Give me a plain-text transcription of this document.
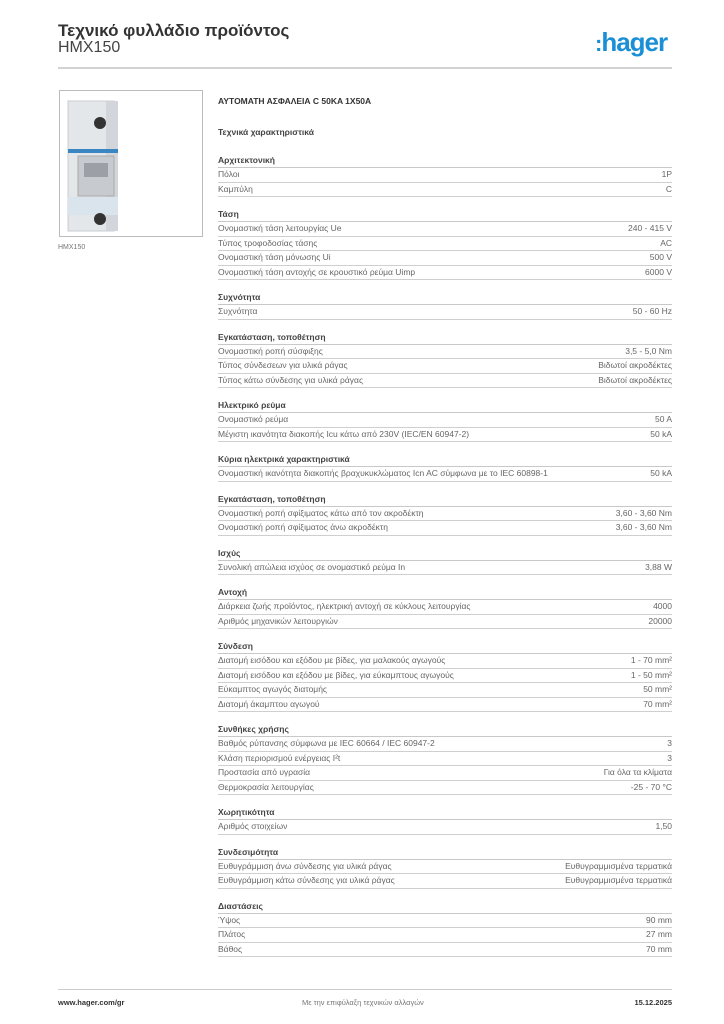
Τεχνικό φυλλάδιο προϊόντος
HMX150	:hager
HMX150
ΑΥΤΟΜΑΤΗ ΑΣΦΑΛΕΙΑ C 50KA 1X50A
Τεχνικά χαρακτηριστικά
Αρχιτεκτονική
Πόλοι	1P
Καμπύλη	C
Τάση
Ονομαστική τάση λειτουργίας Ue	240 - 415 V
Τύπος τροφοδοσίας τάσης	AC
Ονομαστική τάση μόνωσης Ui	500 V
Ονομαστική τάση αντοχής σε κρουστικό ρεύμα Uimp	6000 V
Συχνότητα
Συχνότητα	50 - 60 Hz
Εγκατάσταση, τοποθέτηση
Ονομαστική ροπή σύσφιξης	3,5 - 5,0 Nm
Τύπος σύνδεσεων για υλικά ράγας	Βιδωτοί ακροδέκτες
Τύπος κάτω σύνδεσης για υλικά ράγας	Βιδωτοί ακροδέκτες
Ηλεκτρικό ρεύμα
Ονομαστικό ρεύμα	50 A
Μέγιστη ικανότητα διακοπής Icu κάτω από 230V (IEC/EN 60947-2)	50 kA
Κύρια ηλεκτρικά χαρακτηριστικά
Ονομαστική ικανότητα διακοπής βραχυκυκλώματος Icn AC σύμφωνα με το IEC 60898-1	50 kA
Εγκατάσταση, τοποθέτηση
Ονομαστική ροπή σφίξιματος κάτω από τον ακροδέκτη	3,60 - 3,60 Nm
Ονομαστική ροπή σφίξιματος άνω ακροδέκτη	3,60 - 3,60 Nm
Ισχύς
Συνολική απώλεια ισχύος σε ονομαστικό ρεύμα In	3,88 W
Αντοχή
Διάρκεια ζωής προϊόντος, ηλεκτρική αντοχή σε κύκλους λειτουργίας	4000
Αριθμός μηχανικών λειτουργιών	20000
Σύνδεση
Διατομή εισόδου και εξόδου με βίδες, για μαλακούς αγωγούς	1 - 70 mm²
Διατομή εισόδου και εξόδου με βίδες, για εύκαμπτους αγωγούς	1 - 50 mm²
Εύκαμπτος αγωγός διατομής	50 mm²
Διατομή άκαμπτου αγωγού	70 mm²
Συνθήκες χρήσης
Βαθμός ρύπανσης σύμφωνα με IEC 60664 / IEC 60947-2	3
Κλάση περιορισμού ενέργειας I²t	3
Προστασία από υγρασία	Για όλα τα κλίματα
Θερμοκρασία λειτουργίας	-25 - 70 °C
Χωρητικότητα
Αριθμός στοιχείων	1,50
Συνδεσιμότητα
Ευθυγράμμιση άνω σύνδεσης για υλικά ράγας	Ευθυγραμμισμένα τερματικά
Ευθυγράμμιση κάτω σύνδεσης για υλικά ράγας	Ευθυγραμμισμένα τερματικά
Διαστάσεις
Ύψος	90 mm
Πλάτος	27 mm
Βάθος	70 mm
www.hager.com/gr	Με την επιφύλαξη τεχνικών αλλαγών	15.12.2025
